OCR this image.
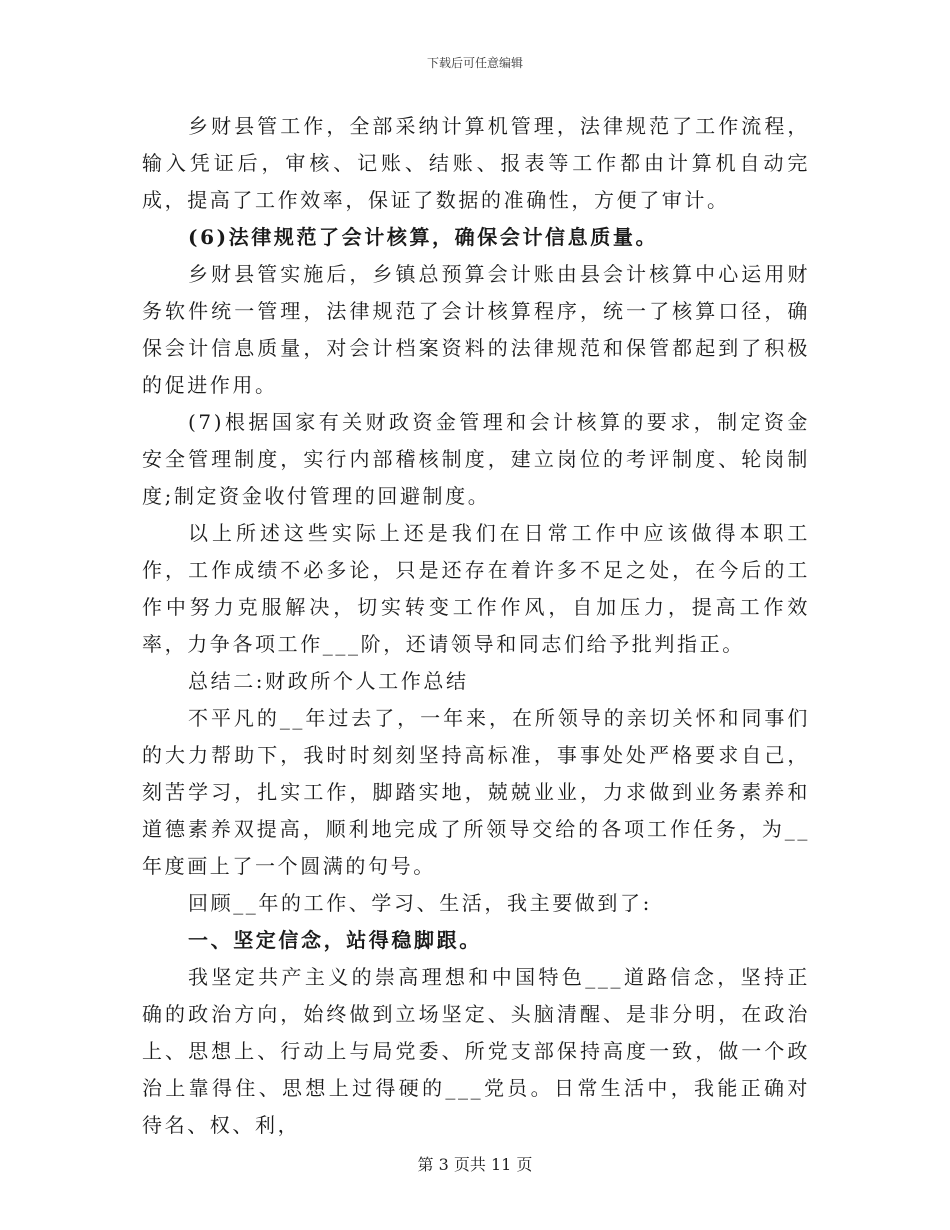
下载后可任意编辑

乡财县管工作，全部采纳计算机管理，法律规范了工作流程，输入凭证后，审核、记账、结账、报表等工作都由计算机自动完成，提高了工作效率，保证了数据的准确性，方便了审计。

(6)法律规范了会计核算，确保会计信息质量。

乡财县管实施后，乡镇总预算会计账由县会计核算中心运用财务软件统一管理，法律规范了会计核算程序，统一了核算口径，确保会计信息质量，对会计档案资料的法律规范和保管都起到了积极的促进作用。

(7)根据国家有关财政资金管理和会计核算的要求，制定资金安全管理制度，实行内部稽核制度，建立岗位的考评制度、轮岗制度;制定资金收付管理的回避制度。

以上所述这些实际上还是我们在日常工作中应该做得本职工作，工作成绩不必多论，只是还存在着许多不足之处，在今后的工作中努力克服解决，切实转变工作作风，自加压力，提高工作效率，力争各项工作___阶，还请领导和同志们给予批判指正。

总结二:财政所个人工作总结

不平凡的__年过去了，一年来，在所领导的亲切关怀和同事们的大力帮助下，我时时刻刻坚持高标准，事事处处严格要求自己，刻苦学习，扎实工作，脚踏实地，兢兢业业，力求做到业务素养和道德素养双提高，顺利地完成了所领导交给的各项工作任务，为__年度画上了一个圆满的句号。

回顾__年的工作、学习、生活，我主要做到了:

一、坚定信念，站得稳脚跟。

我坚定共产主义的崇高理想和中国特色___道路信念，坚持正确的政治方向，始终做到立场坚定、头脑清醒、是非分明，在政治上、思想上、行动上与局党委、所党支部保持高度一致，做一个政治上靠得住、思想上过得硬的___党员。日常生活中，我能正确对待名、权、利，

第 3 页共 11 页
